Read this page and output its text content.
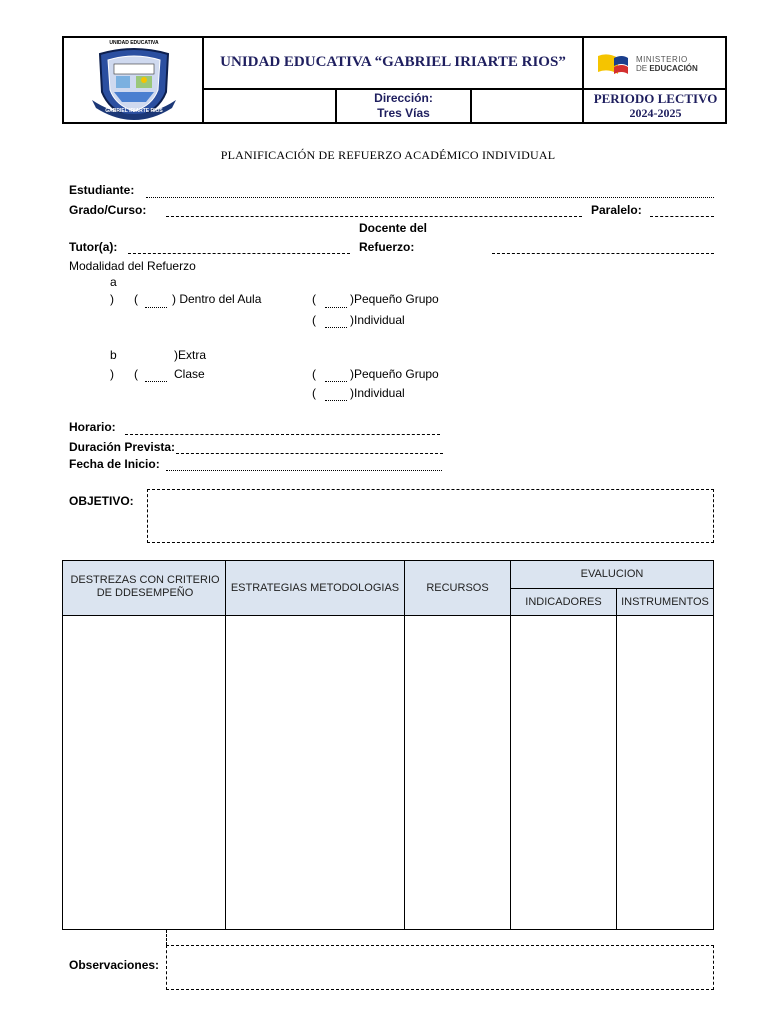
UNIDAD EDUCATIVA
GABRIEL IRIARTE RIOS
UNIDAD EDUCATIVA “GABRIEL IRIARTE RIOS”
Dirección:
Tres Vías
MINISTERIO
DE EDUCACIÓN
PERIODO LECTIVO
2024-2025
PLANIFICACIÓN DE REFUERZO ACADÉMICO INDIVIDUAL
Estudiante:
Grado/Curso:	Paralelo:
Docente del
Tutor(a):	Refuerzo:
Modalidad del Refuerzo
a
) (	) Dentro del Aula	(	)Pequeño Grupo
(	)Individual
b
) (
)Extra
Clase	(	)Pequeño Grupo
(	)Individual
Horario:
Duración Prevista:
Fecha de Inicio:
OBJETIVO:
DESTREZAS CON CRITERIO DE DDESEMPEÑO	ESTRATEGIAS METODOLOGIAS	RECURSOS
EVALUCION
INDICADORES	INSTRUMENTOS
Observaciones:
